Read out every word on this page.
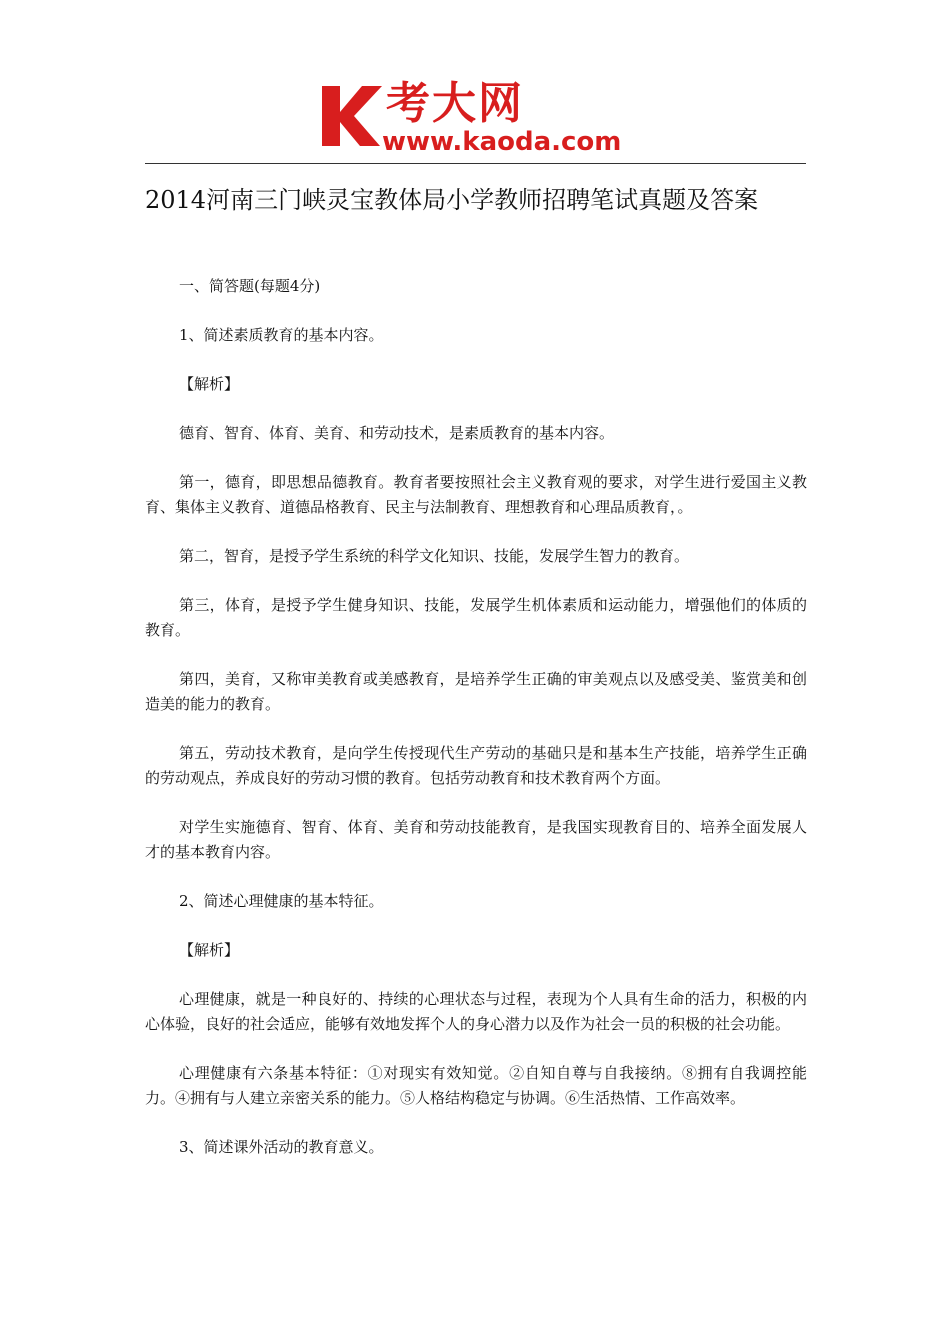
考大网
www.kaoda.com
2014河南三门峡灵宝教体局小学教师招聘笔试真题及答案

一、简答题(每题4分)

1、简述素质教育的基本内容。

【解析】

德育、智育、体育、美育、和劳动技术，是素质教育的基本内容。

第一，德育，即思想品德教育。教育者要按照社会主义教育观的要求，对学生进行爱国主义教育、集体主义教育、道德品格教育、民主与法制教育、理想教育和心理品质教育，。

第二，智育，是授予学生系统的科学文化知识、技能，发展学生智力的教育。

第三，体育，是授予学生健身知识、技能，发展学生机体素质和运动能力，增强他们的体质的教育。

第四，美育，又称审美教育或美感教育，是培养学生正确的审美观点以及感受美、鉴赏美和创造美的能力的教育。

第五，劳动技术教育，是向学生传授现代生产劳动的基础只是和基本生产技能，培养学生正确的劳动观点，养成良好的劳动习惯的教育。包括劳动教育和技术教育两个方面。

对学生实施德育、智育、体育、美育和劳动技能教育，是我国实现教育目的、培养全面发展人才的基本教育内容。

2、简述心理健康的基本特征。

【解析】

心理健康，就是一种良好的、持续的心理状态与过程，表现为个人具有生命的活力，积极的内心体验，良好的社会适应，能够有效地发挥个人的身心潜力以及作为社会一员的积极的社会功能。

心理健康有六条基本特征：①对现实有效知觉。②自知自尊与自我接纳。⑧拥有自我调控能力。④拥有与人建立亲密关系的能力。⑤人格结构稳定与协调。⑥生活热情、工作高效率。

3、简述课外活动的教育意义。
